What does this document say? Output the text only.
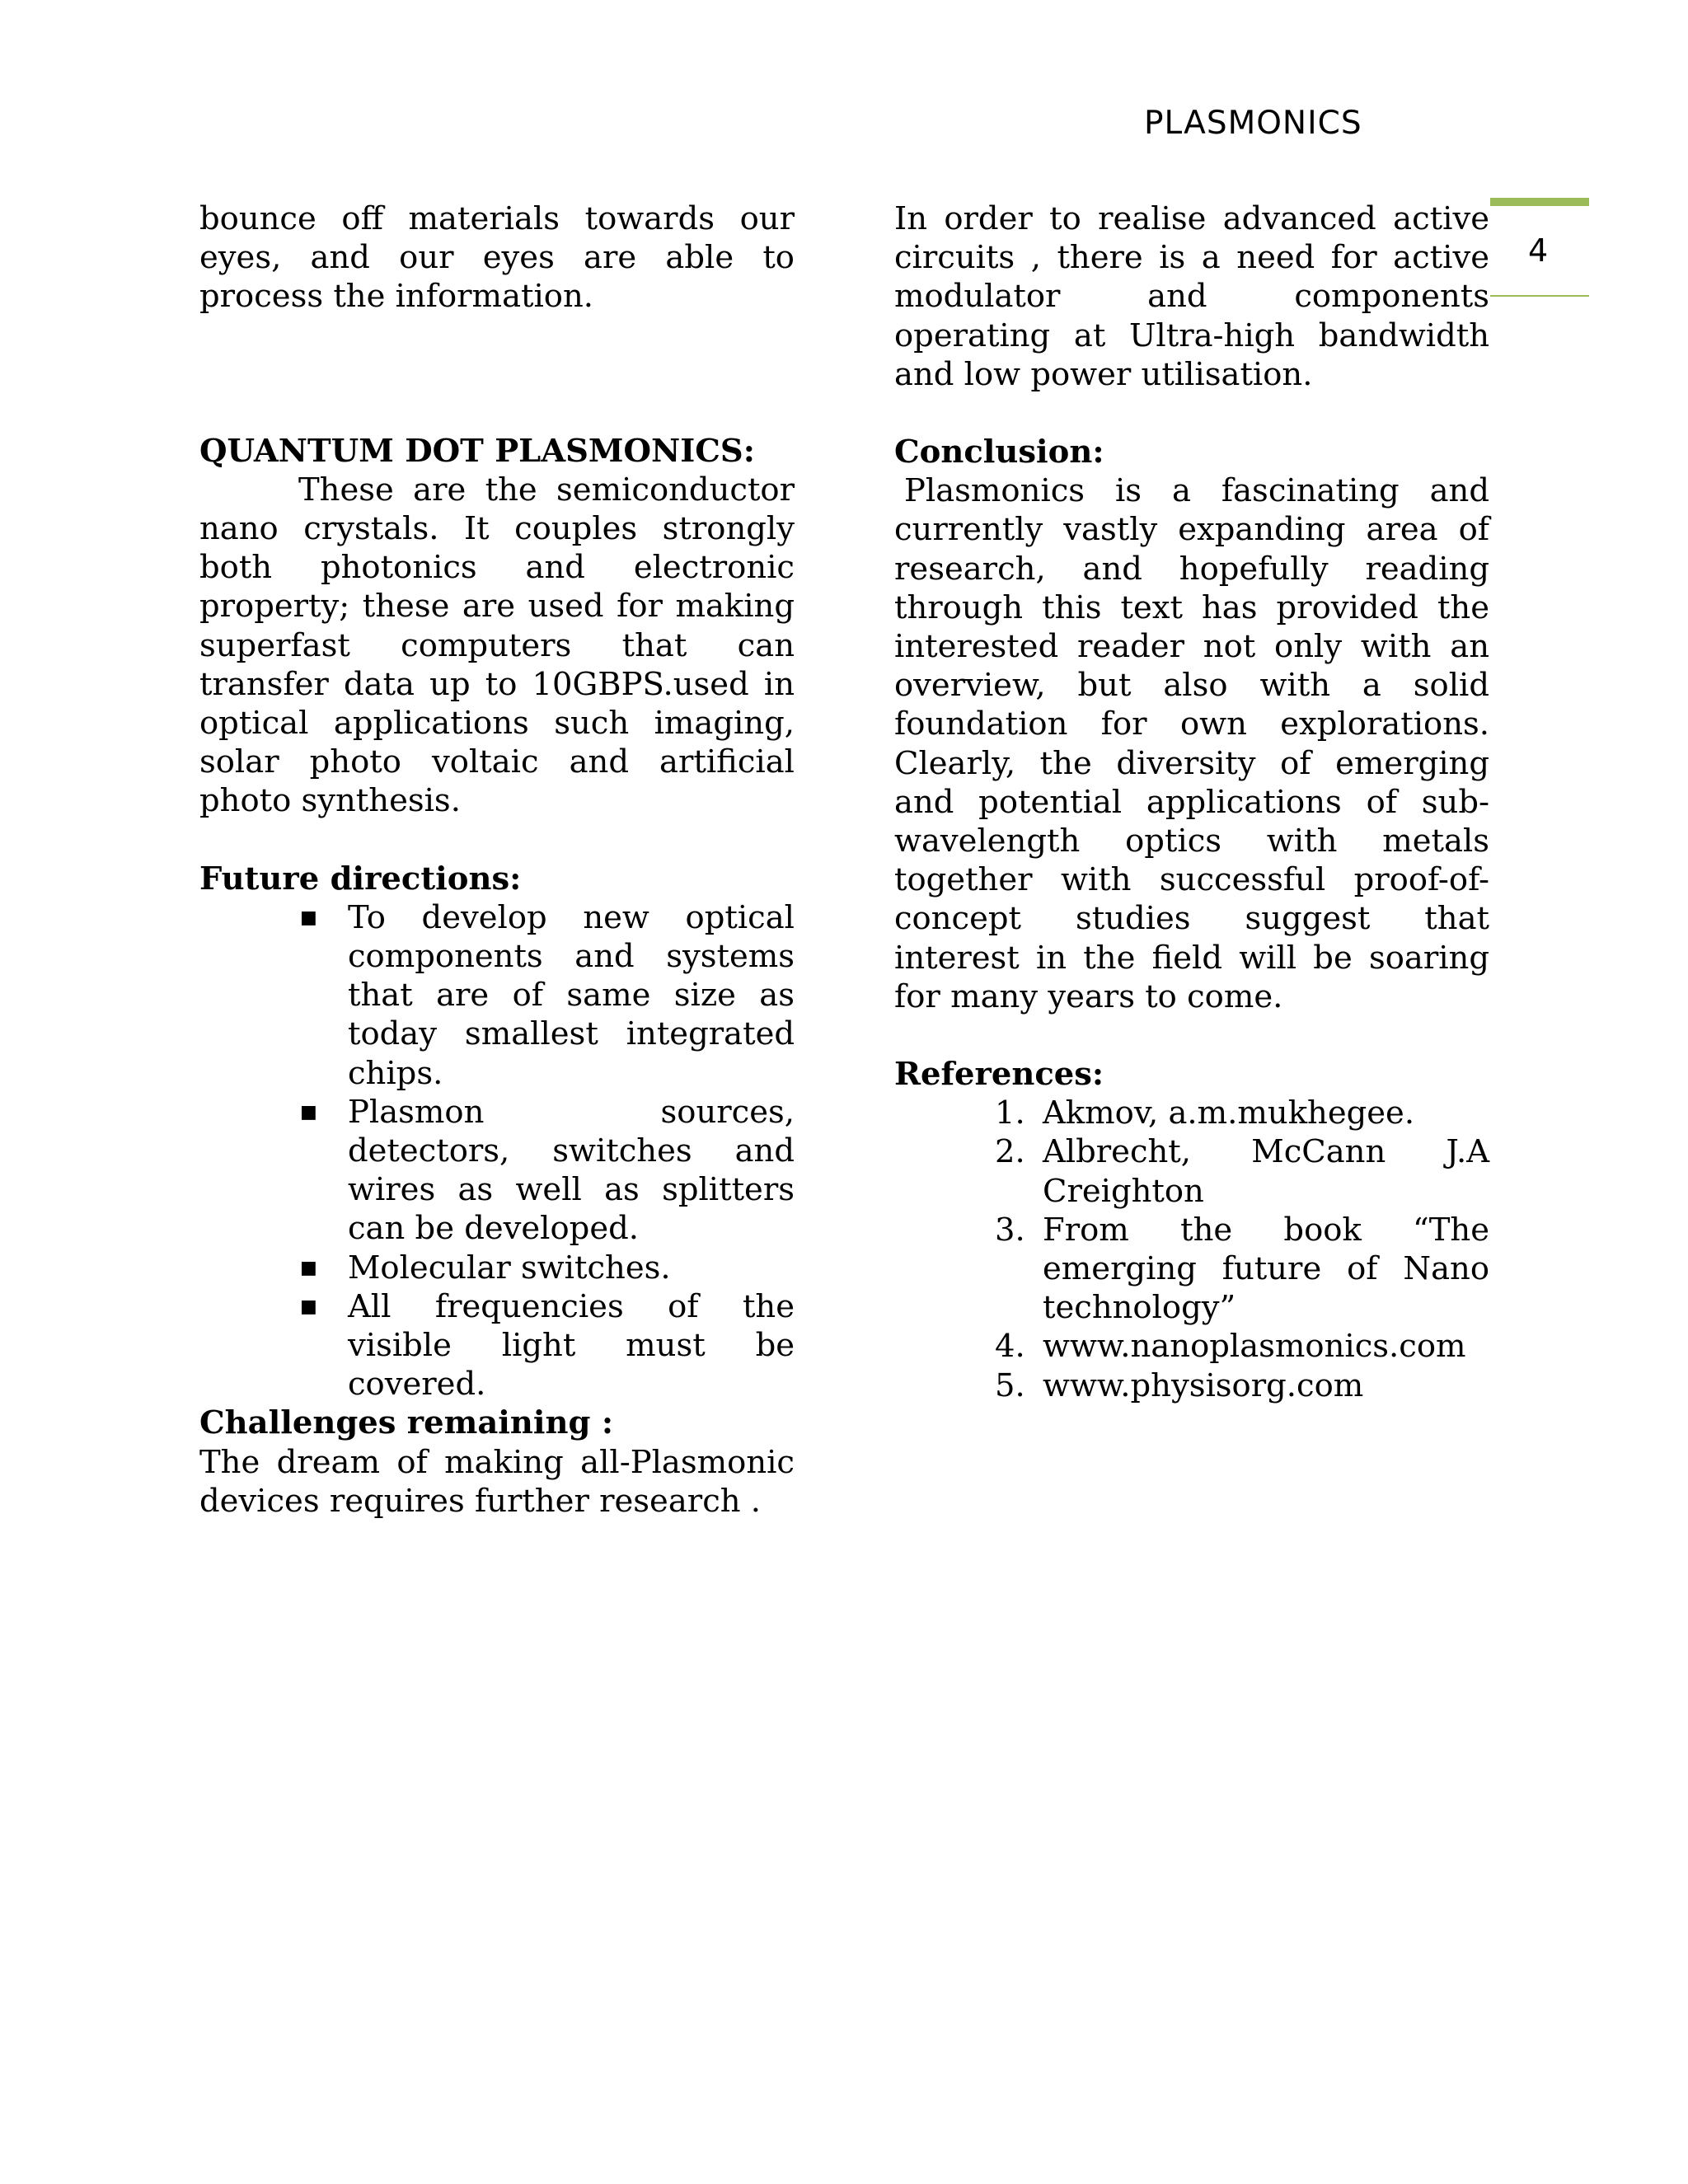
PLASMONICS
4

bounce off materials towards our eyes, and our eyes are able to process the information.

QUANTUM DOT PLASMONICS:

These are the semiconductor nano crystals. It couples strongly both photonics and electronic property; these are used for making superfast computers that can transfer data up to 10GBPS.used in optical applications such imaging, solar photo voltaic and artificial photo synthesis.

Future directions:

■ To develop new optical components and systems that are of same size as today smallest integrated chips.
■ Plasmon sources, detectors, switches and wires as well as splitters can be developed.
■ Molecular switches.
■ All frequencies of the visible light must be covered.

Challenges remaining :

The dream of making all-Plasmonic devices requires further research .

In order to realise advanced active circuits , there is a need for active modulator and components operating at Ultra-high bandwidth and low power utilisation.

Conclusion:

Plasmonics is a fascinating and currently vastly expanding area of research, and hopefully reading through this text has provided the interested reader not only with an overview, but also with a solid foundation for own explorations. Clearly, the diversity of emerging and potential applications of sub-wavelength optics with metals together with successful proof-of-concept studies suggest that interest in the field will be soaring for many years to come.

References:

1. Akmov, a.m.mukhegee.
2. Albrecht, McCann J.A Creighton
3. From the book “The emerging future of Nano technology”
4. www.nanoplasmonics.com
5. www.physisorg.com
